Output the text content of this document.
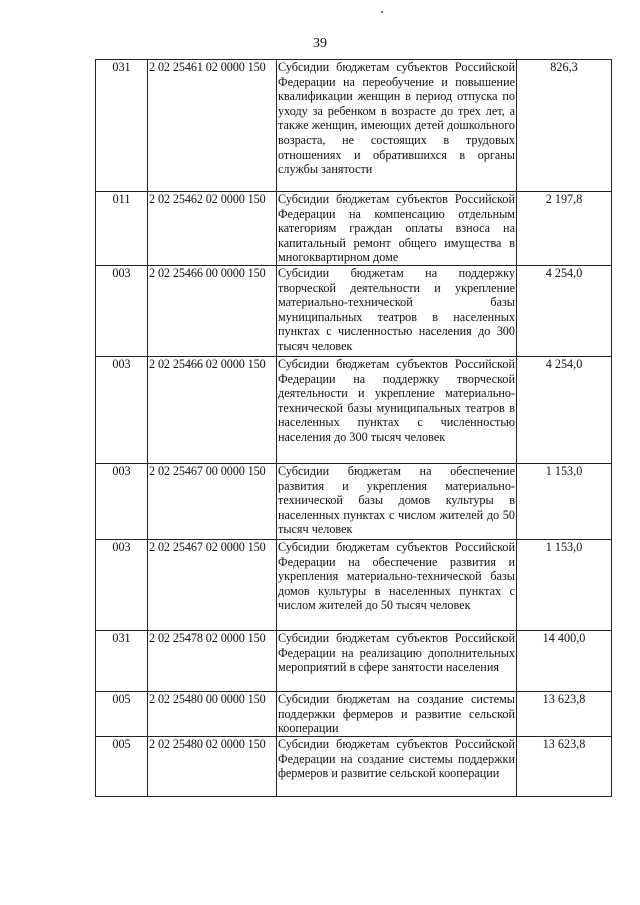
39
031	2 02 25461 02 0000 150	Субсидии бюджетам субъектов Российской Федерации на переобучение и повышение квалификации женщин в период отпуска по уходу за ребенком в возрасте до трех лет, а также женщин, имеющих детей дошкольного возраста, не состоящих в трудовых отношениях и обратившихся в органы службы занятости	826,3
011	2 02 25462 02 0000 150	Субсидии бюджетам субъектов Российской Федерации на компенсацию отдельным категориям граждан оплаты взноса на капитальный ремонт общего имущества в многоквартирном доме	2 197,8
003	2 02 25466 00 0000 150	Субсидии бюджетам на поддержку творческой деятельности и укрепление материально-технической базы муниципальных театров в населенных пунктах с численностью населения до 300 тысяч человек	4 254,0
003	2 02 25466 02 0000 150	Субсидии бюджетам субъектов Российской Федерации на поддержку творческой деятельности и укрепление материально-технической базы муниципальных театров в населенных пунктах с численностью населения до 300 тысяч человек	4 254,0
003	2 02 25467 00 0000 150	Субсидии бюджетам на обеспечение развития и укрепления материально-технической базы домов культуры в населенных пунктах с числом жителей до 50 тысяч человек	1 153,0
003	2 02 25467 02 0000 150	Субсидии бюджетам субъектов Российской Федерации на обеспечение развития и укрепления материально-технической базы домов культуры в населенных пунктах с числом жителей до 50 тысяч человек	1 153,0
031	2 02 25478 02 0000 150	Субсидии бюджетам субъектов Российской Федерации на реализацию дополнительных мероприятий в сфере занятости населения	14 400,0
005	2 02 25480 00 0000 150	Субсидии бюджетам на создание системы поддержки фермеров и развитие сельской кооперации	13 623,8
005	2 02 25480 02 0000 150	Субсидии бюджетам субъектов Российской Федерации на создание системы поддержки фермеров и развитие сельской кооперации	13 623,8
